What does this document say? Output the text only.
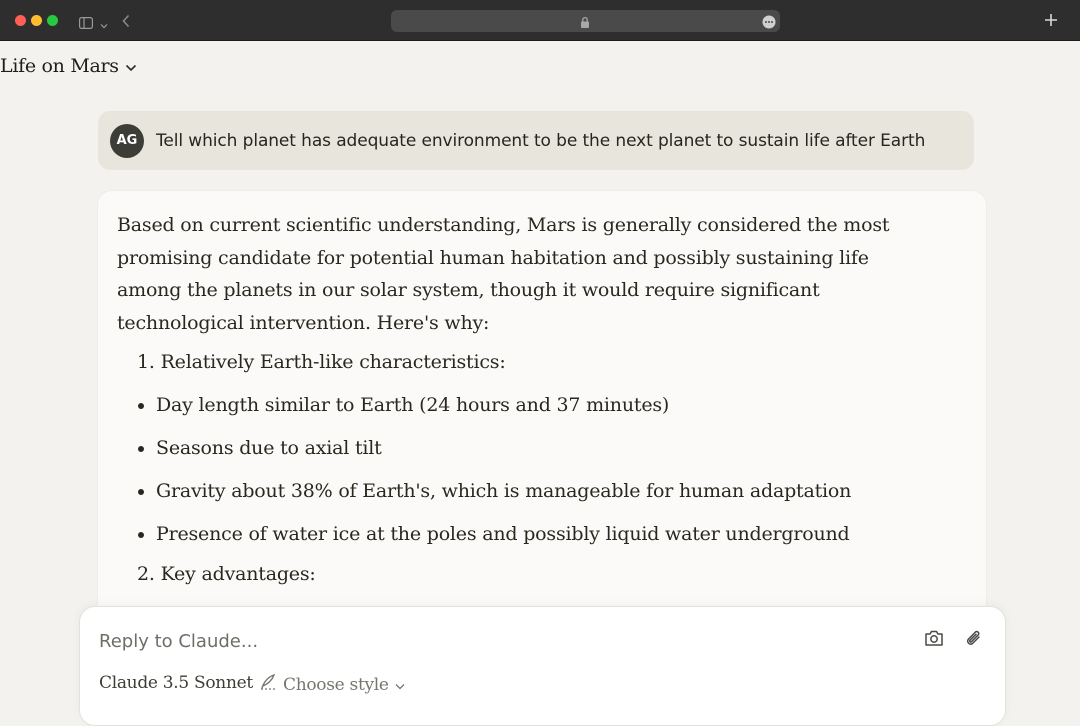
Life on Mars
AG	Tell which planet has adequate environment to be the next planet to sustain life after Earth

Based on current scientific understanding, Mars is generally considered the most promising candidate for potential human habitation and possibly sustaining life among the planets in our solar system, though it would require significant technological intervention. Here's why:

1. Relatively Earth-like characteristics:
Day length similar to Earth (24 hours and 37 minutes)
Seasons due to axial tilt
Gravity about 38% of Earth's, which is manageable for human adaptation
Presence of water ice at the poles and possibly liquid water underground
2. Key advantages:
Reply to Claude...
Claude 3.5 Sonnet Choose style
